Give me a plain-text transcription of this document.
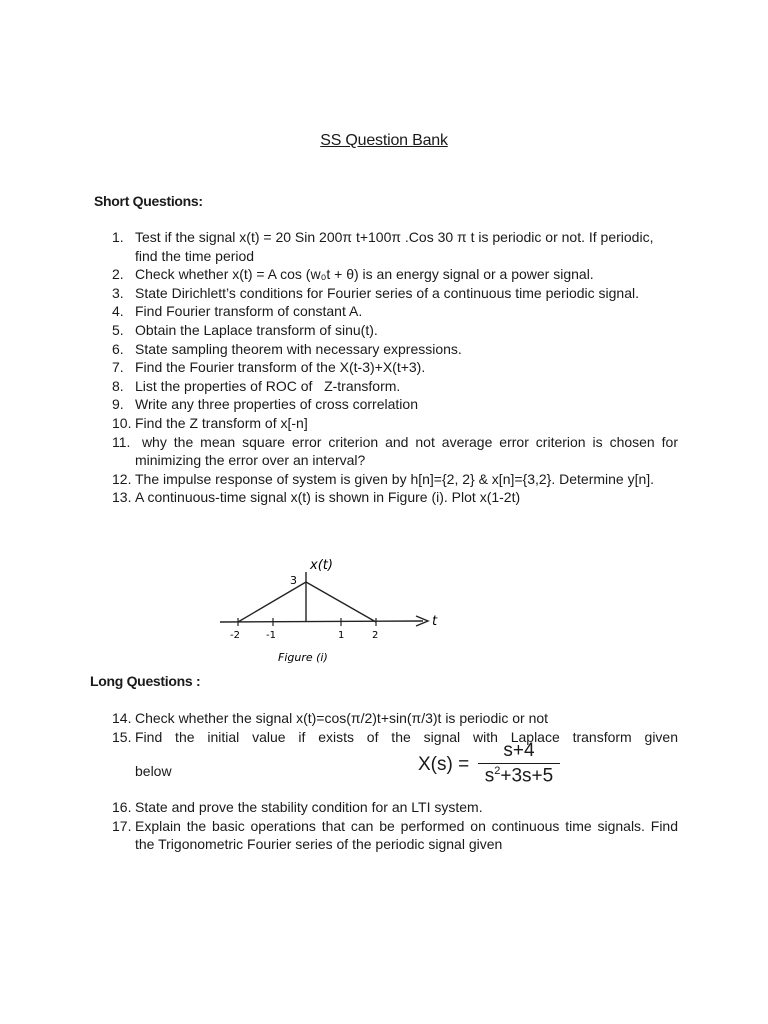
SS Question Bank
Short Questions:
1. Test if the signal x(t) = 20 Sin 200π t+100π .Cos 30 π t is periodic or not. If periodic, find the time period
2. Check whether x(t) = A cos (w₀t + θ) is an energy signal or a power signal.
3. State Dirichlett’s conditions for Fourier series of a continuous time periodic signal.
4. Find Fourier transform of constant A.
5. Obtain the Laplace transform of sinu(t).
6. State sampling theorem with necessary expressions.
7. Find the Fourier transform of the X(t-3)+X(t+3).
8. List the properties of ROC of   Z-transform.
9. Write any three properties of cross correlation
10. Find the Z transform of x[-n]
11. why the mean square error criterion and not average error criterion is chosen for        minimizing the error over an interval?
12. The impulse response of system is given by h[n]={2, 2} & x[n]={3,2}. Determine y[n].
13. A continuous-time signal x(t) is shown in Figure (i). Plot x(1-2t)
x(t)
3
t
-2	-1	1	2
Figure (i)
Long Questions :
14. Check whether the signal x(t)=cos(π/2)t+sin(π/3)t is periodic or not
15. Find the initial value if exists of the signal with Laplace transform given
below	$X(s) = \frac{s+4}{s^2+3s+5}$
16. State and prove the stability condition for an LTI system.
17. Explain the basic operations that can be performed on continuous time signals. Find the Trigonometric Fourier series of the periodic signal given
